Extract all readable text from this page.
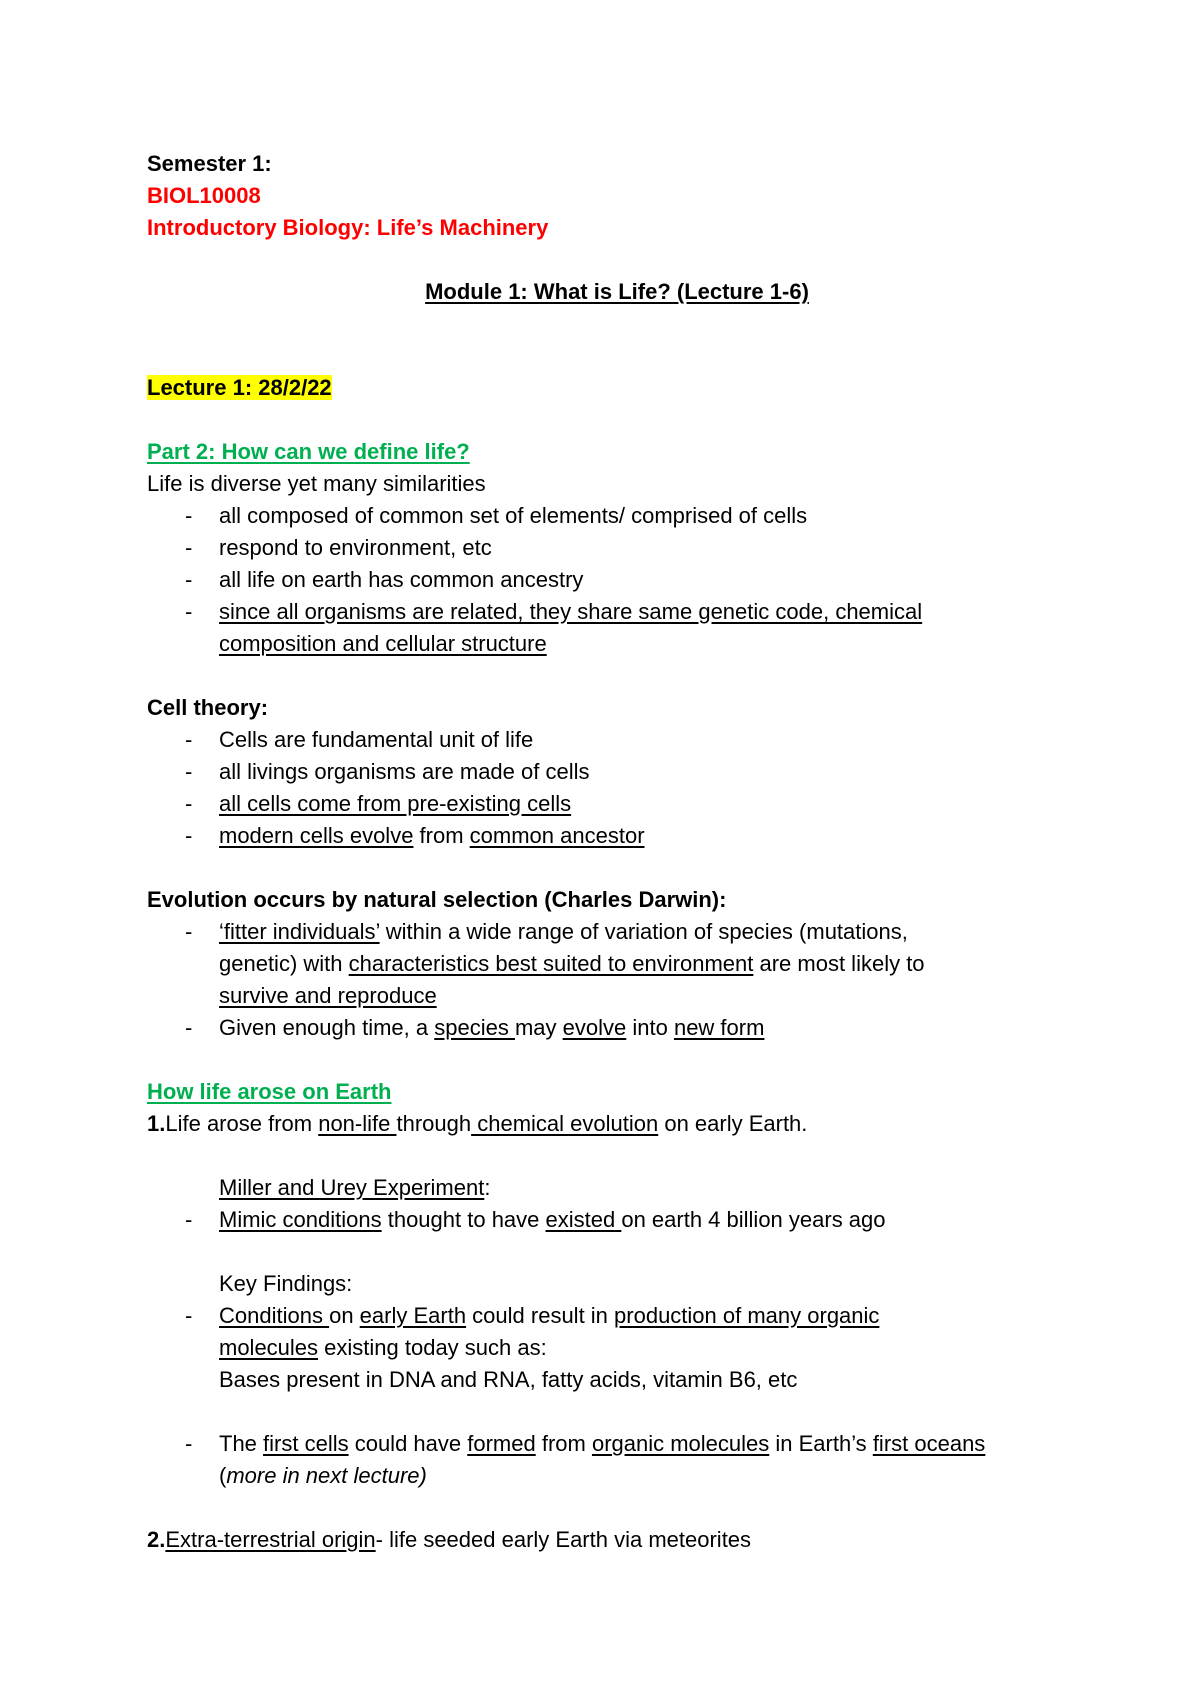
Semester 1:
BIOL10008
Introductory Biology: Life’s Machinery
Module 1: What is Life? (Lecture 1-6)
Lecture 1: 28/2/22
Part 2: How can we define life?
Life is diverse yet many similarities
- all composed of common set of elements/ comprised of cells
- respond to environment, etc
- all life on earth has common ancestry
- since all organisms are related, they share same genetic code, chemical
composition and cellular structure
Cell theory:
- Cells are fundamental unit of life
- all livings organisms are made of cells
- all cells come from pre-existing cells
- modern cells evolve from common ancestor
Evolution occurs by natural selection (Charles Darwin):
- ‘fitter individuals’ within a wide range of variation of species (mutations,
genetic) with characteristics best suited to environment are most likely to
survive and reproduce
- Given enough time, a species may evolve into new form
How life arose on Earth
1.Life arose from non-life through chemical evolution on early Earth.
Miller and Urey Experiment:
- Mimic conditions thought to have existed on earth 4 billion years ago
Key Findings:
- Conditions on early Earth could result in production of many organic
molecules existing today such as:
Bases present in DNA and RNA, fatty acids, vitamin B6, etc
- The first cells could have formed from organic molecules in Earth’s first oceans
(more in next lecture)
2.Extra-terrestrial origin- life seeded early Earth via meteorites
